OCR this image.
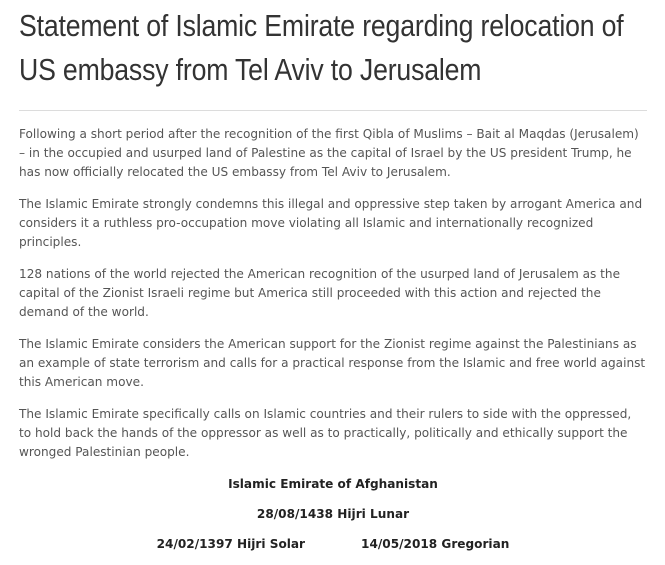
Statement of Islamic Emirate regarding relocation of US embassy from Tel Aviv to Jerusalem

Following a short period after the recognition of the first Qibla of Muslims – Bait al Maqdas (Jerusalem) – in the occupied and usurped land of Palestine as the capital of Israel by the US president Trump, he has now officially relocated the US embassy from Tel Aviv to Jerusalem.

The Islamic Emirate strongly condemns this illegal and oppressive step taken by arrogant America and considers it a ruthless pro-occupation move violating all Islamic and internationally recognized principles.

128 nations of the world rejected the American recognition of the usurped land of Jerusalem as the capital of the Zionist Israeli regime but America still proceeded with this action and rejected the demand of the world.

The Islamic Emirate considers the American support for the Zionist regime against the Palestinians as an example of state terrorism and calls for a practical response from the Islamic and free world against this American move.

The Islamic Emirate specifically calls on Islamic countries and their rulers to side with the oppressed, to hold back the hands of the oppressor as well as to practically, politically and ethically support the wronged Palestinian people.

Islamic Emirate of Afghanistan

28/08/1438 Hijri Lunar

24/02/1397 Hijri Solar	14/05/2018 Gregorian
